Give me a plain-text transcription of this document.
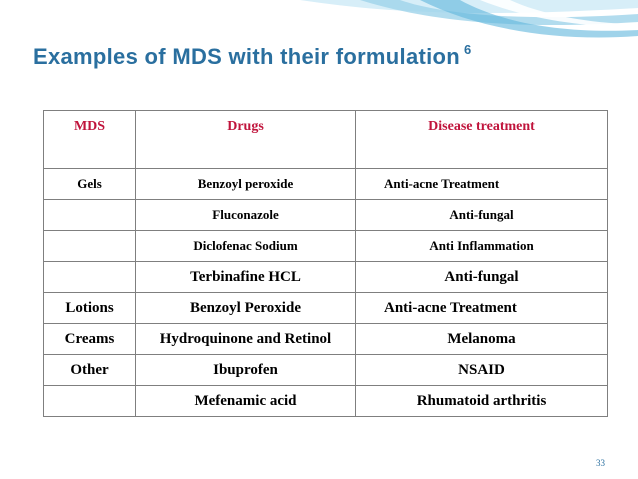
Examples of MDS with their formulation $^6$
MDS	Drugs	Disease treatment
Gels	Benzoyl peroxide	Anti-acne Treatment
	Fluconazole	Anti-fungal
	Diclofenac Sodium	Anti Inflammation
	Terbinafine HCL	Anti-fungal
Lotions	Benzoyl Peroxide	Anti-acne Treatment
Creams	Hydroquinone and Retinol	Melanoma
Other	Ibuprofen	NSAID
	Mefenamic acid	Rhumatoid arthritis
33
